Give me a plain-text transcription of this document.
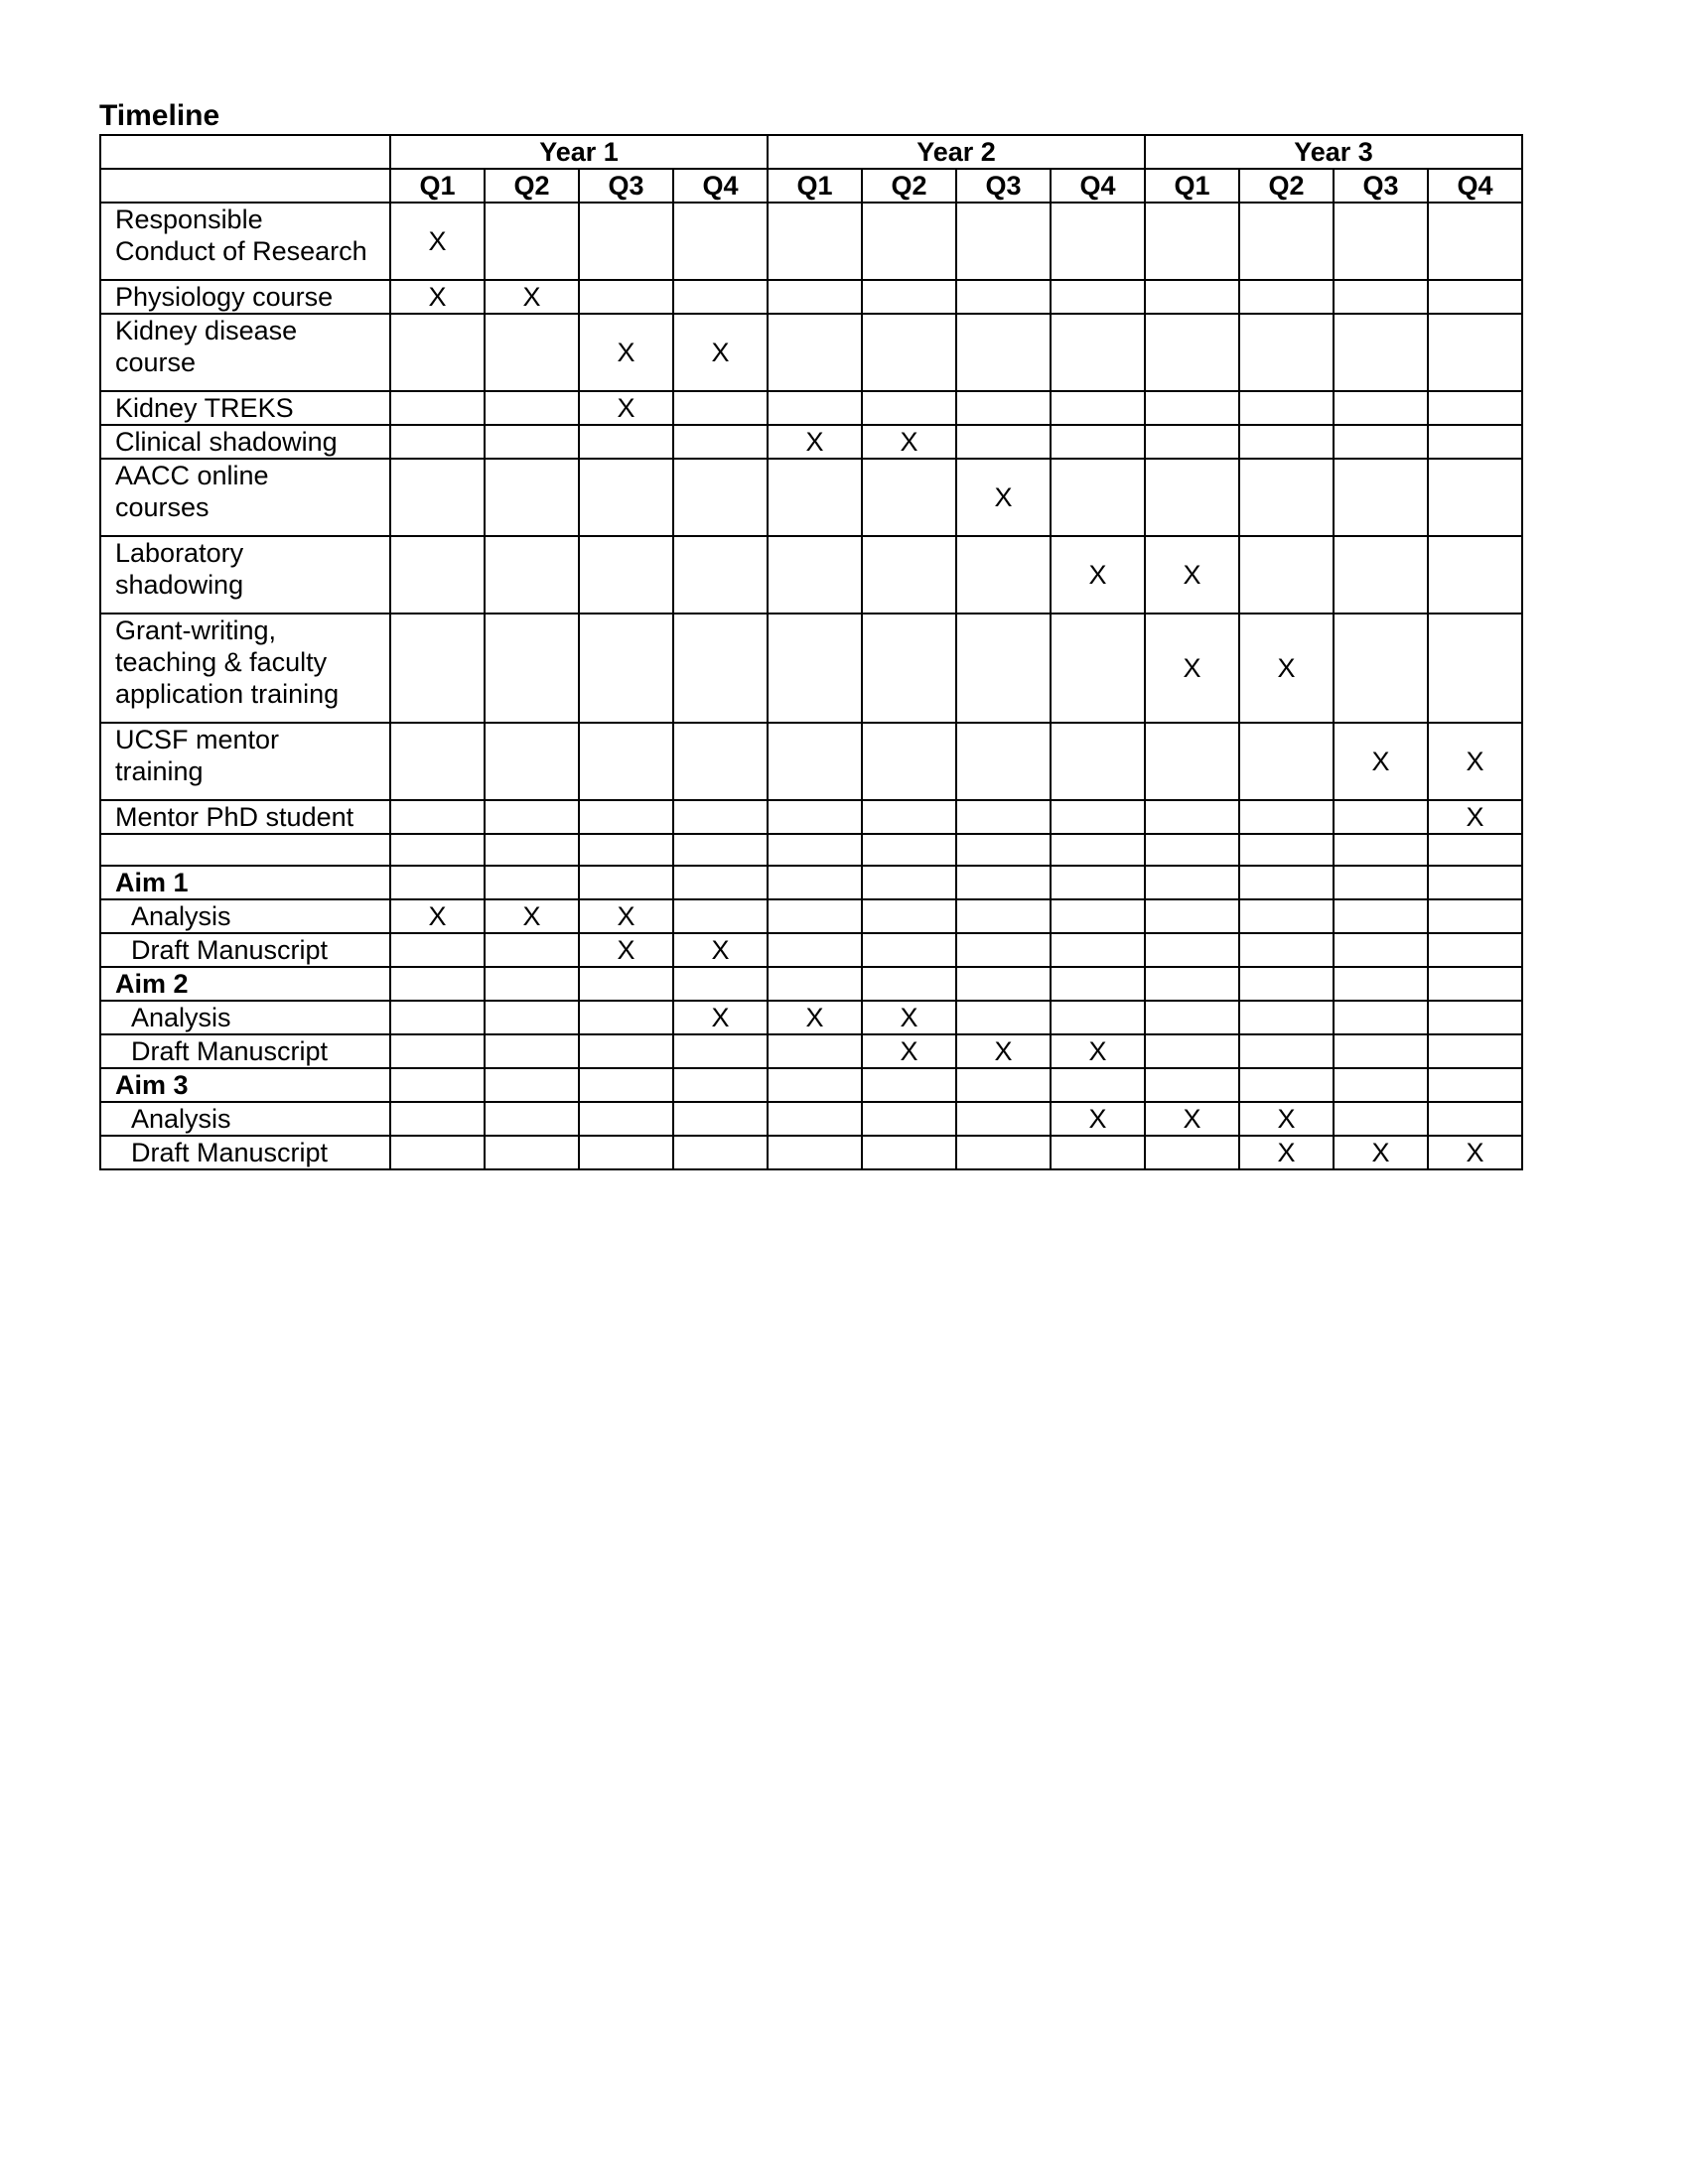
Timeline
	Year 1				Year 2				Year 3			
	Q1	Q2	Q3	Q4	Q1	Q2	Q3	Q4	Q1	Q2	Q3	Q4

Responsible
Conduct of Research	X											

Physiology course	X	X										

Kidney disease
course			X	X								

Kidney TREKS			X									

Clinical shadowing					X	X						

AACC online
courses							X					

Laboratory
shadowing								X	X			

Grant-writing,
teaching & faculty
application training									X	X		

UCSF mentor
training											X	X

Mentor PhD student												X

Aim 1												

Analysis	X	X	X									

Draft Manuscript			X	X								

Aim 2												

Analysis				X	X	X						

Draft Manuscript						X	X	X				

Aim 3												

Analysis								X	X	X		

Draft Manuscript										X	X	X
